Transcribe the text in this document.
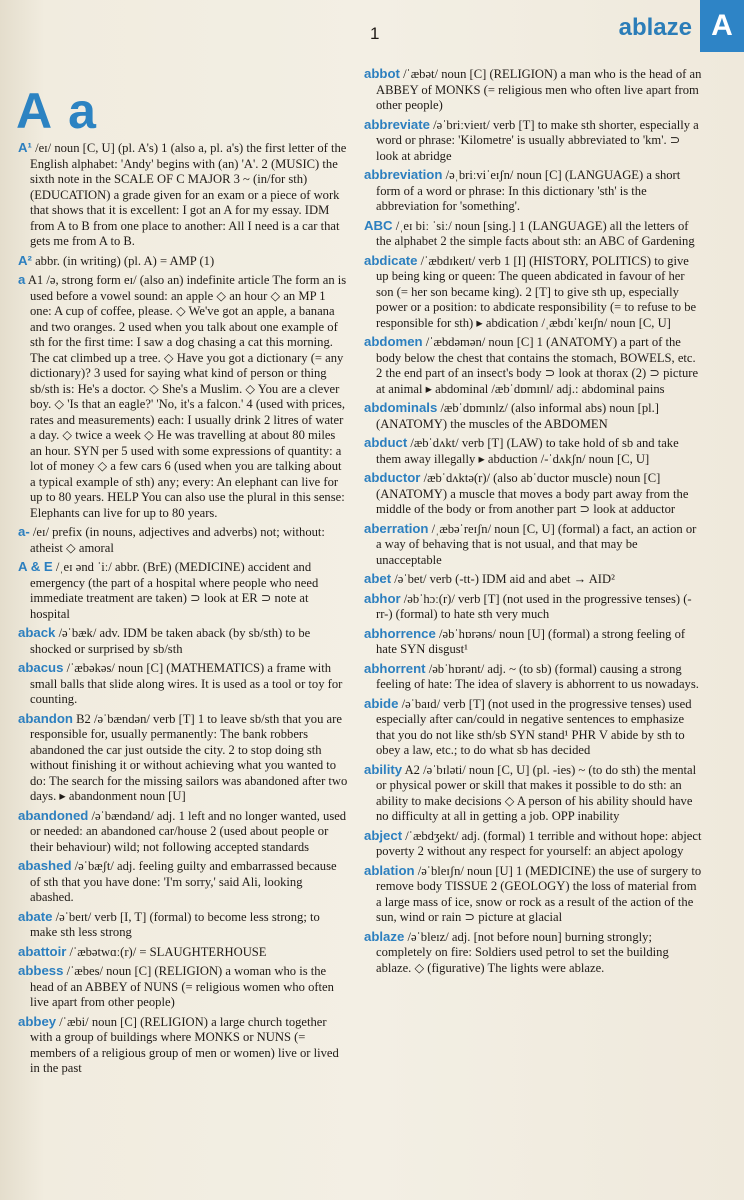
1	ablaze A
A a
A¹ /eɪ/ noun [C, U] (pl. A's) 1 (also a, pl. a's) the first letter of the English alphabet: 'Andy' begins with (an) 'A'. 2 (MUSIC) the sixth note in the SCALE OF C MAJOR 3 ~ (in/for sth) (EDUCATION) a grade given for an exam or a piece of work that shows that it is excellent: I got an A for my essay. IDM from A to B from one place to another: All I need is a car that gets me from A to B.
A² abbr. (in writing) (pl. A) = AMP (1)
a A1 /ə, strong form eɪ/ (also an) indefinite article The form an is used before a vowel sound: an apple ◇ an hour ◇ an MP 1 one: A cup of coffee, please. ◇ We've got an apple, a banana and two oranges. 2 used when you talk about one example of sth for the first time: I saw a dog chasing a cat this morning. The cat climbed up a tree. ◇ Have you got a dictionary (= any dictionary)? 3 used for saying what kind of person or thing sb/sth is: He's a doctor. ◇ She's a Muslim. ◇ You are a clever boy. ◇ 'Is that an eagle?' 'No, it's a falcon.' 4 (used with prices, rates and measurements) each: I usually drink 2 litres of water a day. ◇ twice a week ◇ He was travelling at about 80 miles an hour. SYN per 5 used with some expressions of quantity: a lot of money ◇ a few cars 6 (used when you are talking about a typical example of sth) any; every: An elephant can live for up to 80 years. HELP You can also use the plural in this sense: Elephants can live for up to 80 years.
a- /eɪ/ prefix (in nouns, adjectives and adverbs) not; without: atheist ◇ amoral
A & E /ˌeɪ ənd ˈiː/ abbr. (BrE) (MEDICINE) accident and emergency (the part of a hospital where people who need immediate treatment are taken) ⊃ look at ER ⊃ note at hospital
aback /əˈbæk/ adv. IDM be taken aback (by sb/sth) to be shocked or surprised by sb/sth
abacus /ˈæbəkəs/ noun [C] (MATHEMATICS) a frame with small balls that slide along wires. It is used as a tool or toy for counting.
abandon B2 /əˈbændən/ verb [T] 1 to leave sb/sth that you are responsible for, usually permanently: The bank robbers abandoned the car just outside the city. 2 to stop doing sth without finishing it or without achieving what you wanted to do: The search for the missing sailors was abandoned after two days. ▸ abandonment noun [U]
abandoned /əˈbændənd/ adj. 1 left and no longer wanted, used or needed: an abandoned car/house 2 (used about people or their behaviour) wild; not following accepted standards
abashed /əˈbæʃt/ adj. feeling guilty and embarrassed because of sth that you have done: 'I'm sorry,' said Ali, looking abashed.
abate /əˈbeɪt/ verb [I, T] (formal) to become less strong; to make sth less strong
abattoir /ˈæbətwɑː(r)/ = SLAUGHTERHOUSE
abbess /ˈæbes/ noun [C] (RELIGION) a woman who is the head of an ABBEY of NUNS (= religious women who often live apart from other people)
abbey /ˈæbi/ noun [C] (RELIGION) a large church together with a group of buildings where MONKS or NUNS (= members of a religious group of men or women) live or lived in the past
abbot /ˈæbət/ noun [C] (RELIGION) a man who is the head of an ABBEY of MONKS (= religious men who often live apart from other people)
abbreviate /əˈbriːvieɪt/ verb [T] to make sth shorter, especially a word or phrase: 'Kilometre' is usually abbreviated to 'km'. ⊃ look at abridge
abbreviation /əˌbriːviˈeɪʃn/ noun [C] (LANGUAGE) a short form of a word or phrase: In this dictionary 'sth' is the abbreviation for 'something'.
ABC /ˌeɪ biː ˈsiː/ noun [sing.] 1 (LANGUAGE) all the letters of the alphabet 2 the simple facts about sth: an ABC of Gardening
abdicate /ˈæbdɪkeɪt/ verb 1 [I] (HISTORY, POLITICS) to give up being king or queen: The queen abdicated in favour of her son (= her son became king). 2 [T] to give sth up, especially power or a position: to abdicate responsibility (= to refuse to be responsible for sth) ▸ abdication /ˌæbdɪˈkeɪʃn/ noun [C, U]
abdomen /ˈæbdəmən/ noun [C] 1 (ANATOMY) a part of the body below the chest that contains the stomach, BOWELS, etc. 2 the end part of an insect's body ⊃ look at thorax (2) ⊃ picture at animal ▸ abdominal /æbˈdɒmɪnl/ adj.: abdominal pains
abdominals /æbˈdɒmɪnlz/ (also informal abs) noun [pl.] (ANATOMY) the muscles of the ABDOMEN
abduct /æbˈdʌkt/ verb [T] (LAW) to take hold of sb and take them away illegally ▸ abduction /-ˈdʌkʃn/ noun [C, U]
abductor /æbˈdʌktə(r)/ (also abˈductor muscle) noun [C] (ANATOMY) a muscle that moves a body part away from the middle of the body or from another part ⊃ look at adductor
aberration /ˌæbəˈreɪʃn/ noun [C, U] (formal) a fact, an action or a way of behaving that is not usual, and that may be unacceptable
abet /əˈbet/ verb (-tt-) IDM aid and abet → AID²
abhor /əbˈhɔː(r)/ verb [T] (not used in the progressive tenses) (-rr-) (formal) to hate sth very much
abhorrence /əbˈhɒrəns/ noun [U] (formal) a strong feeling of hate SYN disgust¹
abhorrent /əbˈhɒrənt/ adj. ~ (to sb) (formal) causing a strong feeling of hate: The idea of slavery is abhorrent to us nowadays.
abide /əˈbaɪd/ verb [T] (not used in the progressive tenses) used especially after can/could in negative sentences to emphasize that you do not like sth/sb SYN stand¹ PHR V abide by sth to obey a law, etc.; to do what sb has decided
ability A2 /əˈbɪləti/ noun [C, U] (pl. -ies) ~ (to do sth) the mental or physical power or skill that makes it possible to do sth: an ability to make decisions ◇ A person of his ability should have no difficulty at all in getting a job. OPP inability
abject /ˈæbdʒekt/ adj. (formal) 1 terrible and without hope: abject poverty 2 without any respect for yourself: an abject apology
ablation /əˈbleɪʃn/ noun [U] 1 (MEDICINE) the use of surgery to remove body TISSUE 2 (GEOLOGY) the loss of material from a large mass of ice, snow or rock as a result of the action of the sun, wind or rain ⊃ picture at glacial
ablaze /əˈbleɪz/ adj. [not before noun] burning strongly; completely on fire: Soldiers used petrol to set the building ablaze. ◇ (figurative) The lights were ablaze.
